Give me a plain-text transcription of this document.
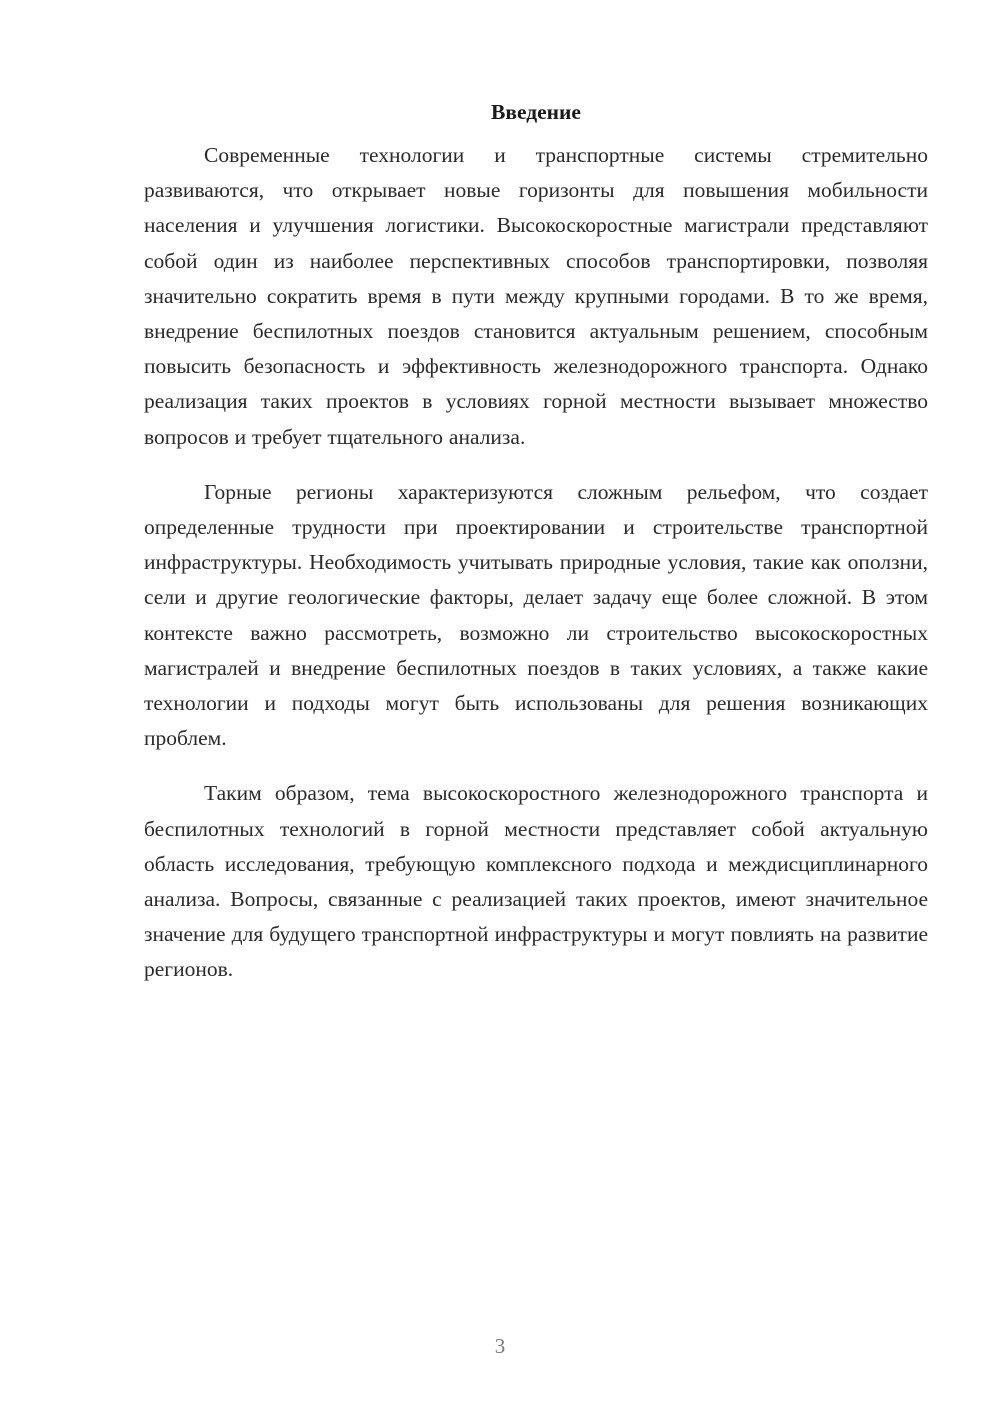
Введение

Современные технологии и транспортные системы стремительно развиваются, что открывает новые горизонты для повышения мобильности населения и улучшения логистики. Высокоскоростные магистрали представляют собой один из наиболее перспективных способов транспортировки, позволяя значительно сократить время в пути между крупными городами. В то же время, внедрение беспилотных поездов становится актуальным решением, способным повысить безопасность и эффективность железнодорожного транспорта. Однако реализация таких проектов в условиях горной местности вызывает множество вопросов и требует тщательного анализа.

Горные регионы характеризуются сложным рельефом, что создает определенные трудности при проектировании и строительстве транспортной инфраструктуры. Необходимость учитывать природные условия, такие как оползни, сели и другие геологические факторы, делает задачу еще более сложной. В этом контексте важно рассмотреть, возможно ли строительство высокоскоростных магистралей и внедрение беспилотных поездов в таких условиях, а также какие технологии и подходы могут быть использованы для решения возникающих проблем.

Таким образом, тема высокоскоростного железнодорожного транспорта и беспилотных технологий в горной местности представляет собой актуальную область исследования, требующую комплексного подхода и междисциплинарного анализа. Вопросы, связанные с реализацией таких проектов, имеют значительное значение для будущего транспортной инфраструктуры и могут повлиять на развитие регионов.

3
